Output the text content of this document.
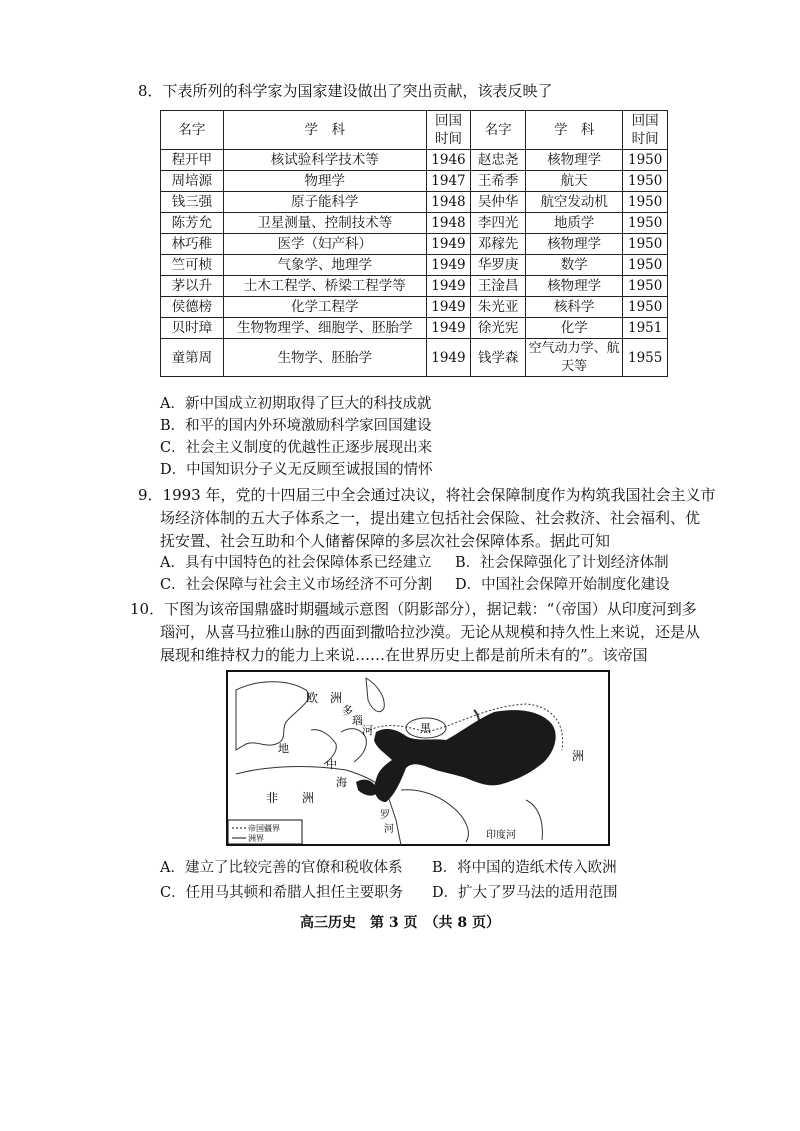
8．下表所列的科学家为国家建设做出了突出贡献，该表反映了
名字	学　科	回国时间	名字	学　科	回国时间
程开甲	核试验科学技术等	1946	赵忠尧	核物理学	1950
周培源	物理学	1947	王希季	航天	1950
钱三强	原子能科学	1948	吴仲华	航空发动机	1950
陈芳允	卫星测量、控制技术等	1948	李四光	地质学	1950
林巧稚	医学（妇产科）	1949	邓稼先	核物理学	1950
竺可桢	气象学、地理学	1949	华罗庚	数学	1950
茅以升	土木工程学、桥梁工程学等	1949	王淦昌	核物理学	1950
侯德榜	化学工程学	1949	朱光亚	核科学	1950
贝时璋	生物物理学、细胞学、胚胎学	1949	徐光宪	化学	1951
童第周	生物学、胚胎学	1949	钱学森	空气动力学、航天等	1955
A．新中国成立初期取得了巨大的科技成就
B．和平的国内外环境激励科学家回国建设
C．社会主义制度的优越性正逐步展现出来
D．中国知识分子义无反顾至诚报国的情怀
9．1993 年，党的十四届三中全会通过决议，将社会保障制度作为构筑我国社会主义市
场经济体制的五大子体系之一，提出建立包括社会保险、社会救济、社会福利、优
抚安置、社会互助和个人储蓄保障的多层次社会保障体系。据此可知
A．具有中国特色的社会保障体系已经建立 B．社会保障强化了计划经济体制
C．社会保障与社会主义市场经济不可分割 D．中国社会保障开始制度化建设
10．下图为该帝国鼎盛时期疆域示意图（阴影部分），据记载：“（帝国）从印度河到多
瑙河，从喜马拉雅山脉的西面到撒哈拉沙漠。无论从规模和持久性上来说，还是从
展现和维持权力的能力上来说……在世界历史上都是前所未有的”。该帝国
帝国疆界
洲界
欧　洲
多
瑙
河	黑
地
中
海
非　　洲
洲
罗
河
印度河
A．建立了比较完善的官僚和税收体系 B．将中国的造纸术传入欧洲
C．任用马其顿和希腊人担任主要职务 D．扩大了罗马法的适用范围
高三历史　第 3 页　（共 8 页）
